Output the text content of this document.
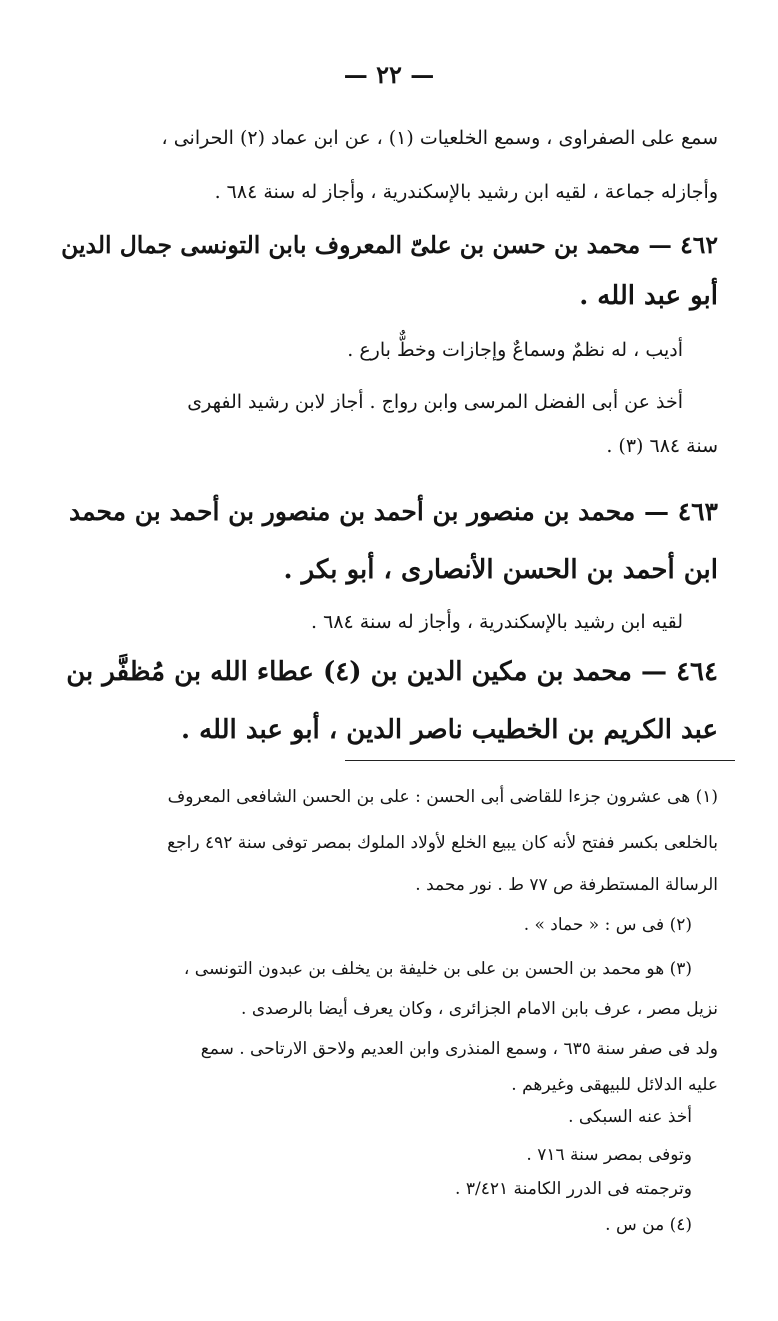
— ٢٢ —
سمع على الصفراوى ، وسمع الخلعيات (١) ، عن ابن عماد (٢) الحرانى ،
وأجازله جماعة ، لقيه ابن رشيد بالإسكندرية ، وأجاز له سنة ٦٨٤ .
٤٦٢ — محمد بن حسن بن علىّ المعروف بابن التونسى جمال الدين
أبو عبد الله .
أديب ، له نظمٌ وسماعٌ وإجازات وخطٌّ بارع .
أخذ عن أبى الفضل المرسى وابن رواج . أجاز لابن رشيد الفهرى
سنة ٦٨٤ (٣) .
٤٦٣ — محمد بن منصور بن أحمد بن منصور بن أحمد بن محمد
ابن أحمد بن الحسن الأنصارى ، أبو بكر .
لقيه ابن رشيد بالإسكندرية ، وأجاز له سنة ٦٨٤ .
٤٦٤ — محمد بن مكين الدين بن (٤) عطاء الله بن مُظفَّر بن
عبد الكريم بن الخطيب ناصر الدين ، أبو عبد الله .
(١) هى عشرون جزءا للقاضى أبى الحسن : على بن الحسن الشافعى المعروف
بالخلعى بكسر ففتح لأنه كان يبيع الخلع لأولاد الملوك بمصر توفى سنة ٤٩٢ راجع
الرسالة المستطرفة ص ٧٧ ط . نور محمد .
(٢) فى س : « حماد » .
(٣) هو محمد بن الحسن بن على بن خليفة بن يخلف بن عبدون التونسى ،
نزيل مصر ، عرف بابن الامام الجزائرى ، وكان يعرف أيضا بالرصدى .
ولد فى صفر سنة ٦٣٥ ، وسمع المنذرى وابن العديم ولاحق الارتاحى . سمع
عليه الدلائل للبيهقى وغيرهم .
أخذ عنه السبكى .
وتوفى بمصر سنة ٧١٦ .
وترجمته فى الدرر الكامنة ٣/٤٢١ .
(٤) من س .
